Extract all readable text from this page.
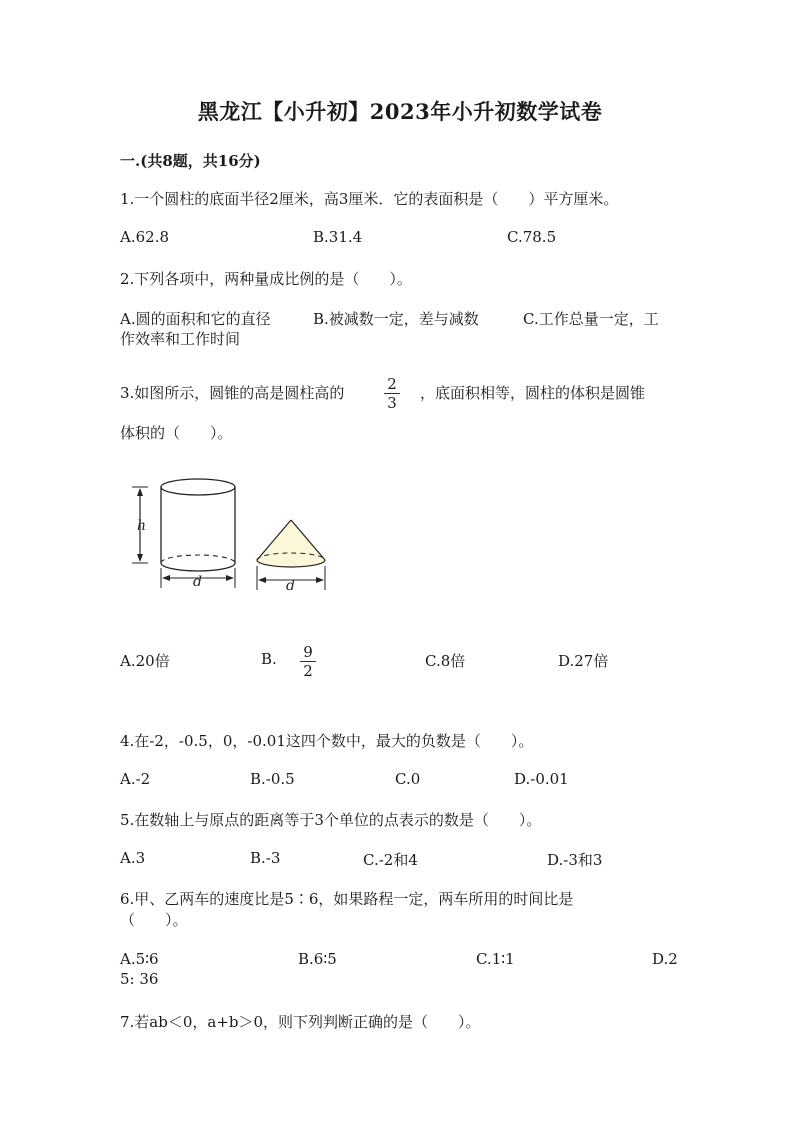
黑龙江【小升初】2023年小升初数学试卷
一.(共8题，共16分)
1.一个圆柱的底面半径2厘米，高3厘米．它的表面积是（　　）平方厘米。
A.62.8	B.31.4	C.78.5
2.下列各项中，两种量成比例的是（　　）。
A.圆的面积和它的直径	B.被减数一定，差与减数	C.工作总量一定，工
作效率和工作时间
3.如图所示，圆锥的高是圆柱高的	2
3
，底面积相等，圆柱的体积是圆锥
体积的（　　）。
h
d	d
A.20倍	B.	9
2
C.8倍	D.27倍
4.在-2，-0.5，0，-0.01这四个数中，最大的负数是（　　）。
A.-2	B.-0.5	C.0	D.-0.01
5.在数轴上与原点的距离等于3个单位的点表示的数是（　　）。
A.3	B.-3	C.-2和4	D.-3和3
6.甲、乙两车的速度比是5∶6，如果路程一定，两车所用的时间比是
（　　）。
A.5∶6	B.6∶5	C.1∶1	D.2
5: 36
7.若ab＜0，a+b＞0，则下列判断正确的是（　　）。
